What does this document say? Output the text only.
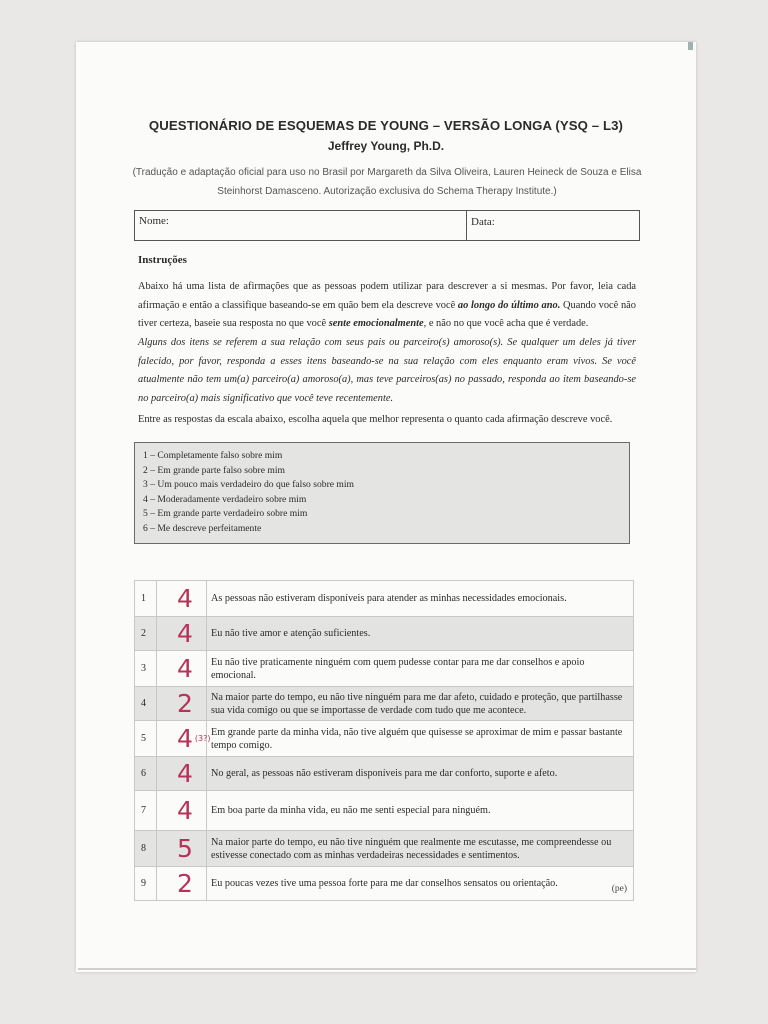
QUESTIONÁRIO DE ESQUEMAS DE YOUNG – VERSÃO LONGA (YSQ – L3)
Jeffrey Young, Ph.D.
(Tradução e adaptação oficial para uso no Brasil por Margareth da Silva Oliveira, Lauren Heineck de Souza e Elisa
Steinhorst Damasceno. Autorização exclusiva do Schema Therapy Institute.)
Nome:	Data:
Instruções
Abaixo há uma lista de afirmações que as pessoas podem utilizar para descrever a si mesmas. Por favor, leia cada afirmação e então a classifique baseando-se em quão bem ela descreve você ao longo do último ano. Quando você não tiver certeza, baseie sua resposta no que você sente emocionalmente, e não no que você acha que é verdade.
Alguns dos itens se referem a sua relação com seus pais ou parceiro(s) amoroso(s). Se qualquer um deles já tiver falecido, por favor, responda a esses itens baseando-se na sua relação com eles enquanto eram vivos. Se você atualmente não tem um(a) parceiro(a) amoroso(a), mas teve parceiros(as) no passado, responda ao item baseando-se no parceiro(a) mais significativo que você teve recentemente.
Entre as respostas da escala abaixo, escolha aquela que melhor representa o quanto cada afirmação descreve você.
1 – Completamente falso sobre mim
2 – Em grande parte falso sobre mim
3 – Um pouco mais verdadeiro do que falso sobre mim
4 – Moderadamente verdadeiro sobre mim
5 – Em grande parte verdadeiro sobre mim
6 – Me descreve perfeitamente
1	4	As pessoas não estiveram disponíveis para atender as minhas necessidades emocionais.
2	4	Eu não tive amor e atenção suficientes.
3	4	Eu não tive praticamente ninguém com quem pudesse contar para me dar conselhos e apoio emocional.
4	2	Na maior parte do tempo, eu não tive ninguém para me dar afeto, cuidado e proteção, que partilhasse sua vida comigo ou que se importasse de verdade com tudo que me acontece.
5	4 $^{(3?)}$	Em grande parte da minha vida, não tive alguém que quisesse se aproximar de mim e passar bastante tempo comigo.
6	4	No geral, as pessoas não estiveram disponíveis para me dar conforto, suporte e afeto.
7	4	Em boa parte da minha vida, eu não me senti especial para ninguém.
8	5	Na maior parte do tempo, eu não tive ninguém que realmente me escutasse, me compreendesse ou estivesse conectado com as minhas verdadeiras necessidades e sentimentos.
9	2	Eu poucas vezes tive uma pessoa forte para me dar conselhos sensatos ou orientação. (pe)
